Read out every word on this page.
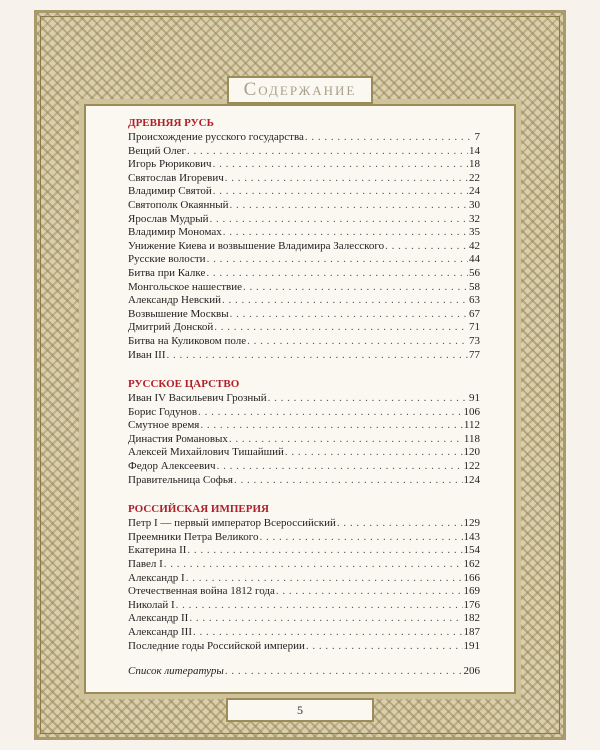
Содержание
ДРЕВНЯЯ РУСЬ
Происхождение русского государства . . .	7
Вещий Олег . . .	14
Игорь Рюрикович . . .	18
Святослав Игоревич . . .	22
Владимир Святой . . .	24
Святополк Окаянный . . .	30
Ярослав Мудрый . . .	32
Владимир Мономах . . .	35
Унижение Киева и возвышение Владимира Залесского . . .	42
Русские волости . . .	44
Битва при Калке . . .	56
Монгольское нашествие . . .	58
Александр Невский . . .	63
Возвышение Москвы . . .	67
Дмитрий Донской . . .	71
Битва на Куликовом поле . . .	73
Иван III . . .	77
РУССКОЕ ЦАРСТВО
Иван IV Васильевич Грозный . . .	91
Борис Годунов . . .	106
Смутное время . . .	112
Династия Романовых . . .	118
Алексей Михайлович Тишайший . . .	120
Федор Алексеевич . . .	122
Правительница Софья . . .	124
РОССИЙСКАЯ ИМПЕРИЯ
Петр I — первый император Всероссийский . . .	129
Преемники Петра Великого . . .	143
Екатерина II . . .	154
Павел I . . .	162
Александр I . . .	166
Отечественная война 1812 года . . .	169
Николай I . . .	176
Александр II . . .	182
Александр III . . .	187
Последние годы Российской империи . . .	191
Список литературы . . .	206
5
